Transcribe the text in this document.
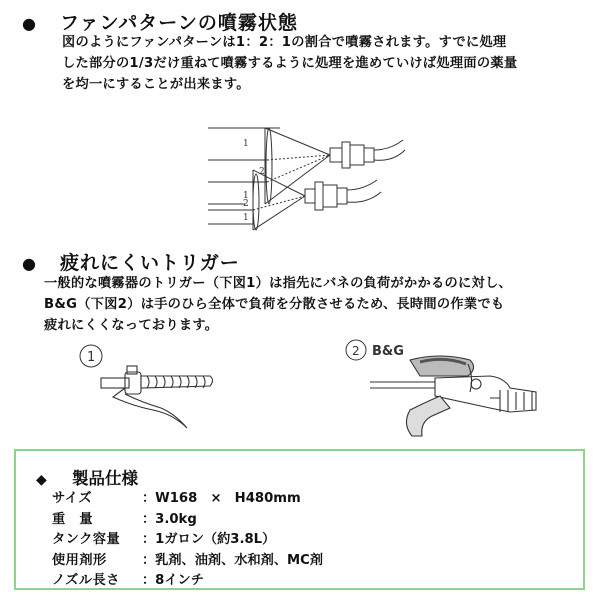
● ファンパターンの噴霧状態
図のようにファンパターンは1：2：1の割合で噴霧されます。すでに処理
した部分の1/3だけ重ねて噴霧するように処理を進めていけば処理面の薬量
を均一にすることが出来ます。
1
2
1
2
1
● 疲れにくいトリガー
一般的な噴霧器のトリガー（下図1）は指先にバネの負荷がかかるのに対し、
B&G（下図2）は手のひら全体で負荷を分散させるため、長時間の作業でも
疲れにくくなっております。
1	2 B&G
◆ 製品仕様
サイズ	：W168　×　H480mm
重　量	：3.0kg
タンク容量 ：1ガロン（約3.8L）
使用剤形	：乳剤、油剤、水和剤、MC剤
ノズル長さ ：8インチ
